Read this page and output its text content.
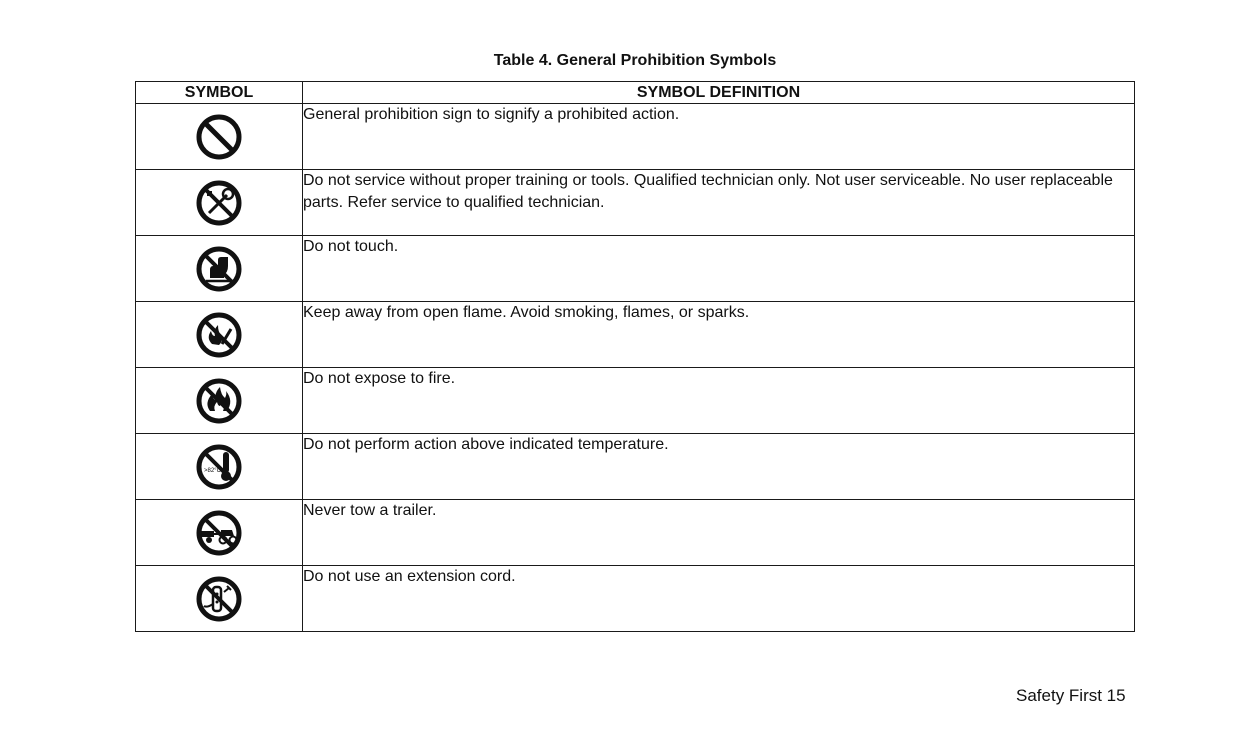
Table 4. General Prohibition Symbols
SYMBOL	SYMBOL DEFINITION

	General prohibition sign to signify a prohibited action.

	Do not service without proper training or tools. Qualified technician only. Not user serviceable. No user replaceable parts. Refer service to qualified technician.

	Do not touch.

	Keep away from open flame. Avoid smoking, flames, or sparks.

	Do not expose to fire.

>82°C	Do not perform action above indicated temperature.

	Never tow a trailer.

	Do not use an extension cord.
Safety First 15
